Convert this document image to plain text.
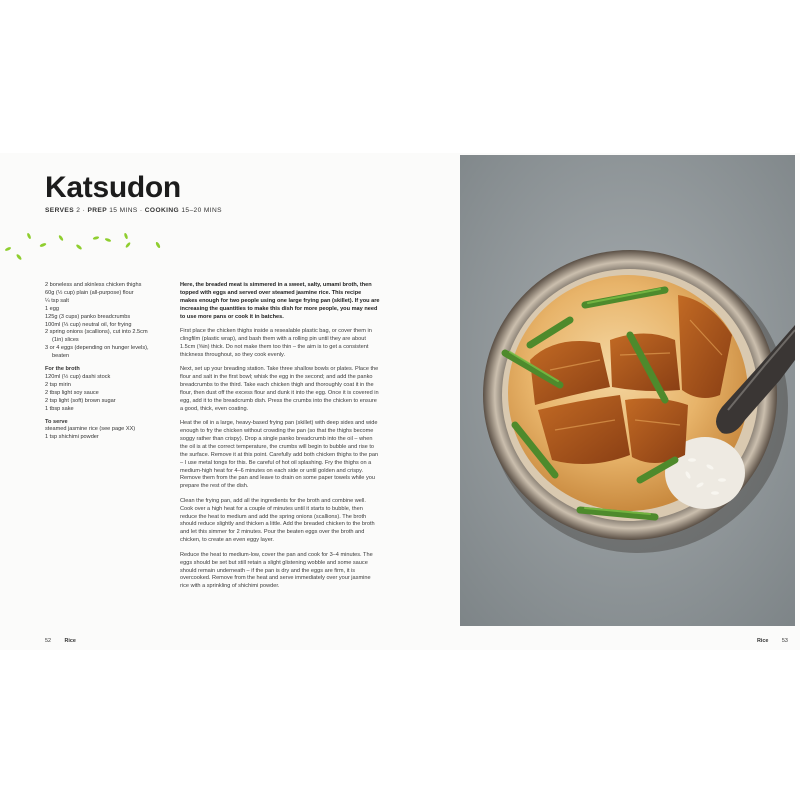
Katsudon
SERVES 2 · PREP 15 MINS · COOKING 15–20 MINS
2 boneless and skinless chicken thighs
60g (½ cup) plain (all-purpose) flour
¼ tsp salt
1 egg
125g (3 cups) panko breadcrumbs
100ml (⅓ cup) neutral oil, for frying
2 spring onions (scallions), cut into 2.5cm
(1in) slices
3 or 4 eggs (depending on hunger levels),
beaten
For the broth
120ml (½ cup) dashi stock
2 tsp mirin
2 tbsp light soy sauce
2 tsp light (soft) brown sugar
1 tbsp sake
To serve
steamed jasmine rice (see page XX)
1 tsp shichimi powder

Here, the breaded meat is simmered in a sweet, salty, umami broth, then topped with eggs and served over steamed jasmine rice. This recipe makes enough for two people using one large frying pan (skillet). If you are increasing the quantities to make this dish for more people, you may need to use more pans or cook it in batches.

First place the chicken thighs inside a resealable plastic bag, or cover them in clingfilm (plastic wrap), and bash them with a rolling pin until they are about 1.5cm (⅝in) thick. Do not make them too thin – the aim is to get a consistent thickness throughout, so they cook evenly.

Next, set up your breading station. Take three shallow bowls or plates. Place the flour and salt in the first bowl; whisk the egg in the second; and add the panko breadcrumbs to the third. Take each chicken thigh and thoroughly coat it in the flour, then dust off the excess flour and dunk it into the egg. Once it is covered in egg, add it to the breadcrumb dish. Press the crumbs into the chicken to ensure a good, thick, even coating.

Heat the oil in a large, heavy-based frying pan (skillet) with deep sides and wide enough to fry the chicken without crowding the pan (so that the thighs become soggy rather than crispy). Drop a single panko breadcrumb into the oil – when the oil is at the correct temperature, the crumbs will begin to bubble and rise to the surface. Remove it at this point. Carefully add both chicken thighs to the pan – I use metal tongs for this. Be careful of hot oil splashing. Fry the thighs on a medium-high heat for 4–6 minutes on each side or until golden and crispy. Remove them from the pan and leave to drain on some paper towels while you prepare the rest of the dish.

Clean the frying pan, add all the ingredients for the broth and combine well. Cook over a high heat for a couple of minutes until it starts to bubble, then reduce the heat to medium and add the spring onions (scallions). The broth should reduce slightly and thicken a little. Add the breaded chicken to the broth and let this simmer for 2 minutes. Pour the beaten eggs over the broth and chicken, to create an even eggy layer.

Reduce the heat to medium-low, cover the pan and cook for 3–4 minutes. The eggs should be set but still retain a slight glistening wobble and some sauce should remain underneath – if the pan is dry and the eggs are firm, it is overcooked. Remove from the heat and serve immediately over your jasmine rice with a sprinkling of shichimi powder.

52	Rice	Rice	53
